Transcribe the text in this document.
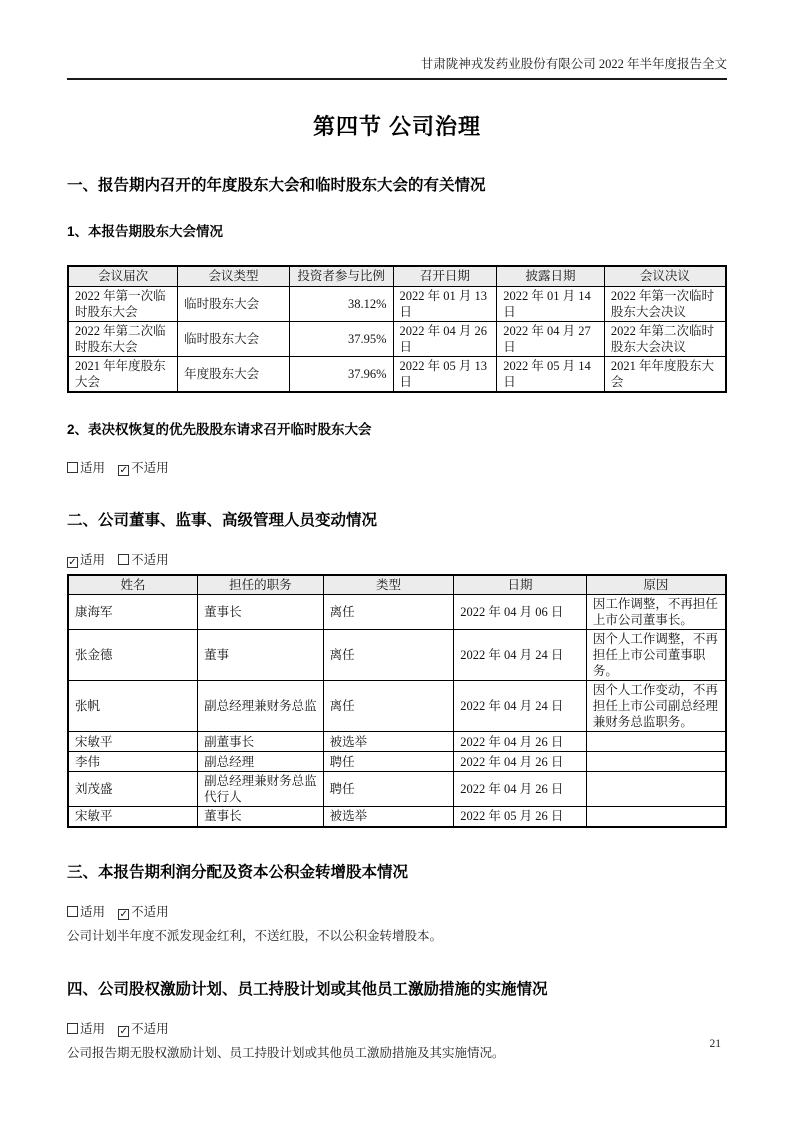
甘肃陇神戎发药业股份有限公司 2022 年半年度报告全文
第四节 公司治理
一、报告期内召开的年度股东大会和临时股东大会的有关情况
1、本报告期股东大会情况
会议届次	会议类型	投资者参与比例	召开日期	披露日期	会议决议
2022 年第一次临时股东大会	临时股东大会	38.12%	2022 年 01 月 13 日	2022 年 01 月 14 日	2022 年第一次临时股东大会决议
2022 年第二次临时股东大会	临时股东大会	37.95%	2022 年 04 月 26 日	2022 年 04 月 27 日	2022 年第二次临时股东大会决议
2021 年年度股东大会	年度股东大会	37.96%	2022 年 05 月 13 日	2022 年 05 月 14 日	2021 年年度股东大会
2、表决权恢复的优先股股东请求召开临时股东大会
适用 ✓ 不适用
二、公司董事、监事、高级管理人员变动情况
✓ 适用 不适用
姓名	担任的职务	类型	日期	原因
康海军	董事长	离任	2022 年 04 月 06 日	因工作调整，不再担任上市公司董事长。
张金德	董事	离任	2022 年 04 月 24 日	因个人工作调整，不再担任上市公司董事职务。
张帆	副总经理兼财务总监	离任	2022 年 04 月 24 日	因个人工作变动，不再担任上市公司副总经理兼财务总监职务。
宋敏平	副董事长	被选举	2022 年 04 月 26 日	
李伟	副总经理	聘任	2022 年 04 月 26 日	
刘茂盛	副总经理兼财务总监代行人	聘任	2022 年 04 月 26 日	
宋敏平	董事长	被选举	2022 年 05 月 26 日	
三、本报告期利润分配及资本公积金转增股本情况
适用 ✓ 不适用
公司计划半年度不派发现金红利，不送红股，不以公积金转增股本。
四、公司股权激励计划、员工持股计划或其他员工激励措施的实施情况
适用 ✓ 不适用
公司报告期无股权激励计划、员工持股计划或其他员工激励措施及其实施情况。
21
